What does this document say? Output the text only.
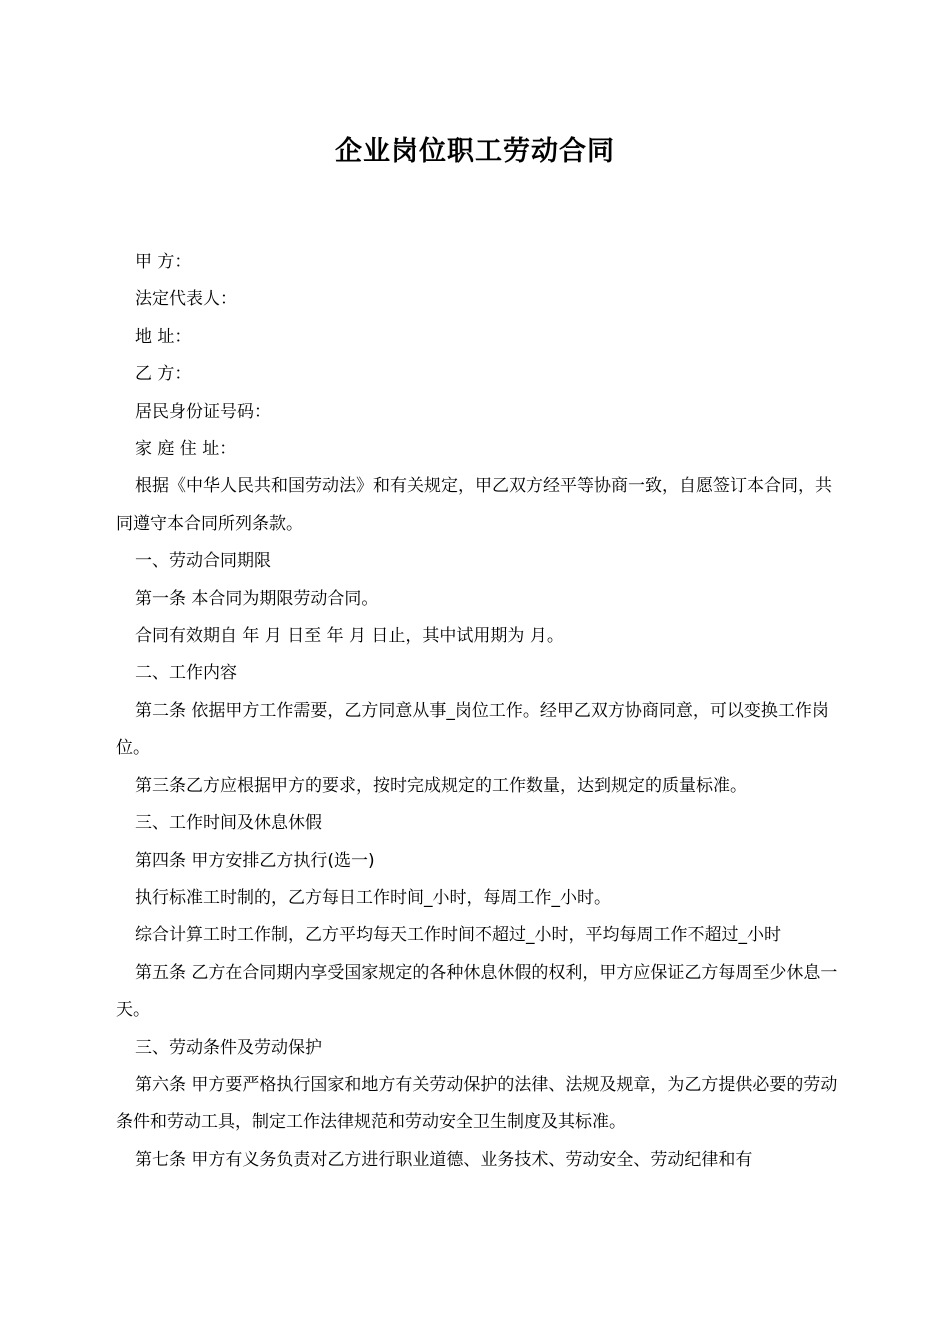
企业岗位职工劳动合同

甲 方：

法定代表人：

地 址：

乙 方：

居民身份证号码：

家 庭 住 址：

根据《中华人民共和国劳动法》和有关规定，甲乙双方经平等协商一致，自愿签订本合同，共同遵守本合同所列条款。

一、劳动合同期限

第一条 本合同为期限劳动合同。

合同有效期自 年 月 日至 年 月 日止，其中试用期为 月。

二、工作内容

第二条 依据甲方工作需要，乙方同意从事_岗位工作。经甲乙双方协商同意，可以变换工作岗位。

第三条乙方应根据甲方的要求，按时完成规定的工作数量，达到规定的质量标准。

三、工作时间及休息休假

第四条 甲方安排乙方执行(选一)

执行标准工时制的，乙方每日工作时间_小时，每周工作_小时。

综合计算工时工作制，乙方平均每天工作时间不超过_小时，平均每周工作不超过_小时

第五条 乙方在合同期内享受国家规定的各种休息休假的权利，甲方应保证乙方每周至少休息一天。

三、劳动条件及劳动保护

第六条 甲方要严格执行国家和地方有关劳动保护的法律、法规及规章，为乙方提供必要的劳动条件和劳动工具，制定工作法律规范和劳动安全卫生制度及其标准。

第七条 甲方有义务负责对乙方进行职业道德、业务技术、劳动安全、劳动纪律和有
